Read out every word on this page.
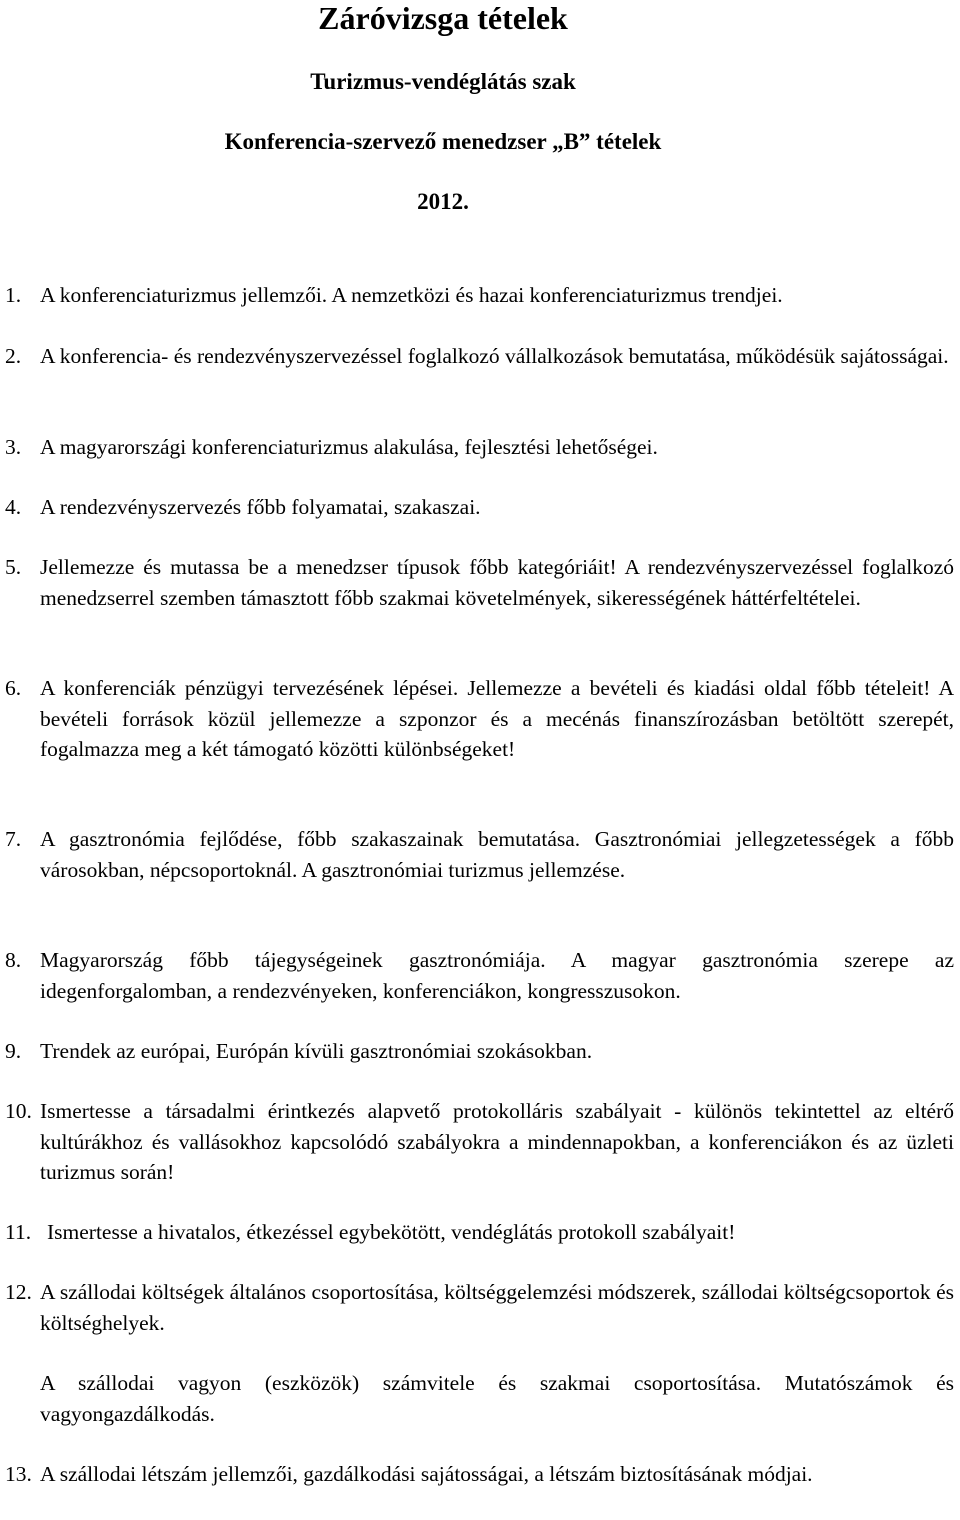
Záróvizsga tételek

Turizmus-vendéglátás szak

Konferencia-szervező menedzser „B” tételek

2012.

1. A konferenciaturizmus jellemzői. A nemzetközi és hazai konferenciaturizmus trendjei.
2. A konferencia- és rendezvényszervezéssel foglalkozó vállalkozások bemutatása, működésük sajátosságai.
3. A magyarországi konferenciaturizmus alakulása, fejlesztési lehetőségei.
4. A rendezvényszervezés főbb folyamatai, szakaszai.
5. Jellemezze és mutassa be a menedzser típusok főbb kategóriáit! A rendezvényszervezéssel foglalkozó menedzserrel szemben támasztott főbb szakmai követelmények, sikerességének háttérfeltételei.
6. A konferenciák pénzügyi tervezésének lépései. Jellemezze a bevételi és kiadási oldal főbb tételeit! A bevételi források közül jellemezze a szponzor és a mecénás finanszírozásban betöltött szerepét, fogalmazza meg a két támogató közötti különbségeket!
7. A gasztronómia fejlődése, főbb szakaszainak bemutatása. Gasztronómiai jellegzetességek a főbb városokban, népcsoportoknál. A gasztronómiai turizmus jellemzése.
8. Magyarország főbb tájegységeinek gasztronómiája. A magyar gasztronómia szerepe az idegenforgalomban, a rendezvényeken, konferenciákon, kongresszusokon.
9. Trendek az európai, Európán kívüli gasztronómiai szokásokban.
10. Ismertesse a társadalmi érintkezés alapvető protokolláris szabályait - különös tekintettel az eltérő kultúrákhoz és vallásokhoz kapcsolódó szabályokra a mindennapokban, a konferenciákon és az üzleti turizmus során!
11. Ismertesse a hivatalos, étkezéssel egybekötött, vendéglátás protokoll szabályait!
12. A szállodai költségek általános csoportosítása, költséggelemzési módszerek, szállodai költségcsoportok és költséghelyek.

A szállodai vagyon (eszközök) számvitele és szakmai csoportosítása. Mutatószámok és vagyongazdálkodás.

13. A szállodai létszám jellemzői, gazdálkodási sajátosságai, a létszám biztosításának módjai.
